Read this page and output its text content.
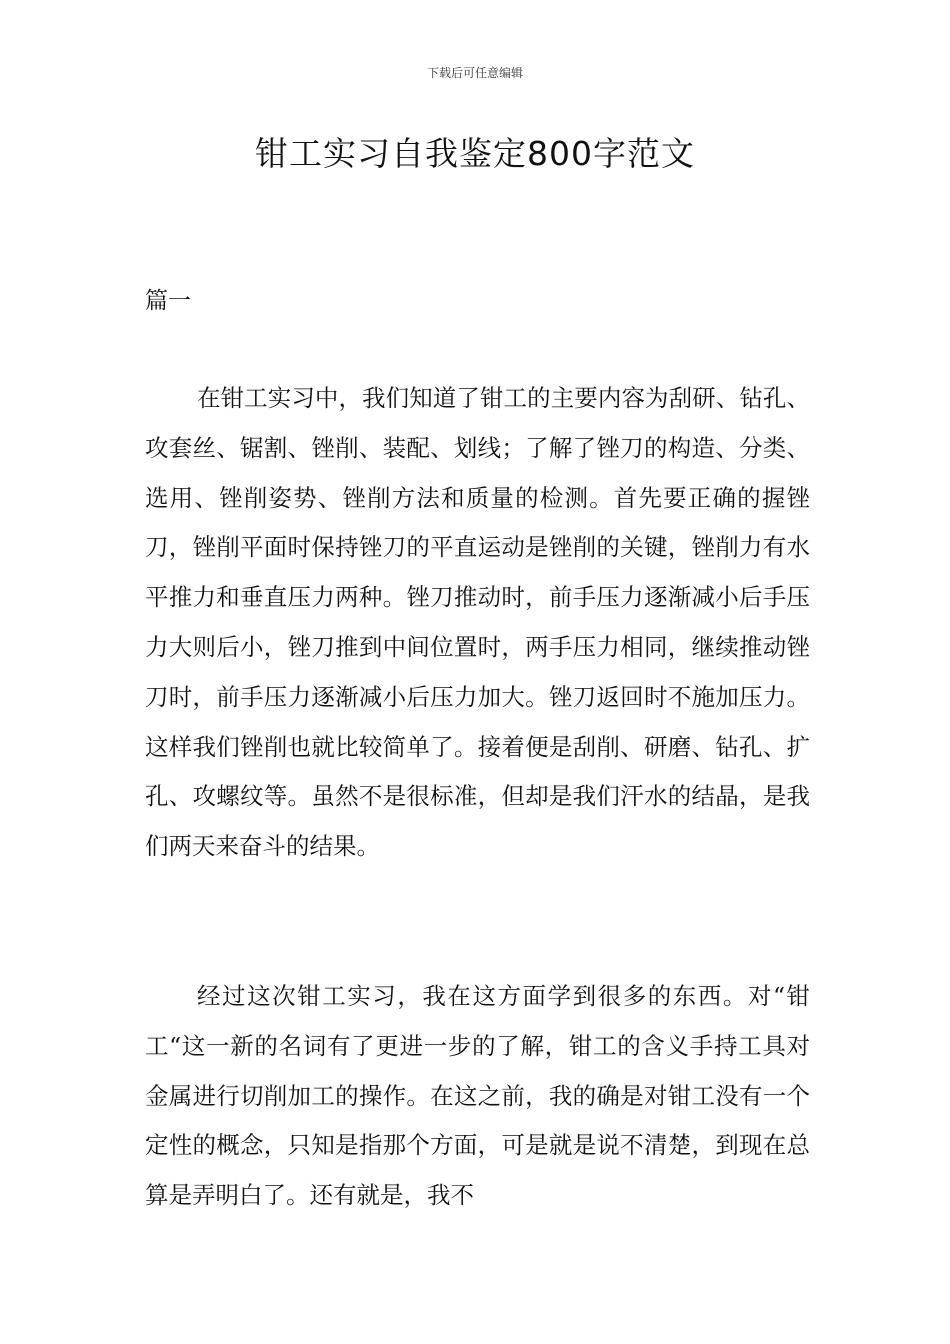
下载后可任意编辑
钳工实习自我鉴定800字范文
篇一

在钳工实习中，我们知道了钳工的主要内容为刮研、钻孔、攻套丝、锯割、锉削、装配、划线；了解了锉刀的构造、分类、选用、锉削姿势、锉削方法和质量的检测。首先要正确的握锉刀，锉削平面时保持锉刀的平直运动是锉削的关键，锉削力有水平推力和垂直压力两种。锉刀推动时，前手压力逐渐减小后手压力大则后小，锉刀推到中间位置时，两手压力相同，继续推动锉刀时，前手压力逐渐减小后压力加大。锉刀返回时不施加压力。这样我们锉削也就比较简单了。接着便是刮削、研磨、钻孔、扩孔、攻螺纹等。虽然不是很标准，但却是我们汗水的结晶，是我们两天来奋斗的结果。

经过这次钳工实习，我在这方面学到很多的东西。对“钳工“这一新的名词有了更进一步的了解，钳工的含义手持工具对金属进行切削加工的操作。在这之前，我的确是对钳工没有一个定性的概念，只知是指那个方面，可是就是说不清楚，到现在总算是弄明白了。还有就是，我不
